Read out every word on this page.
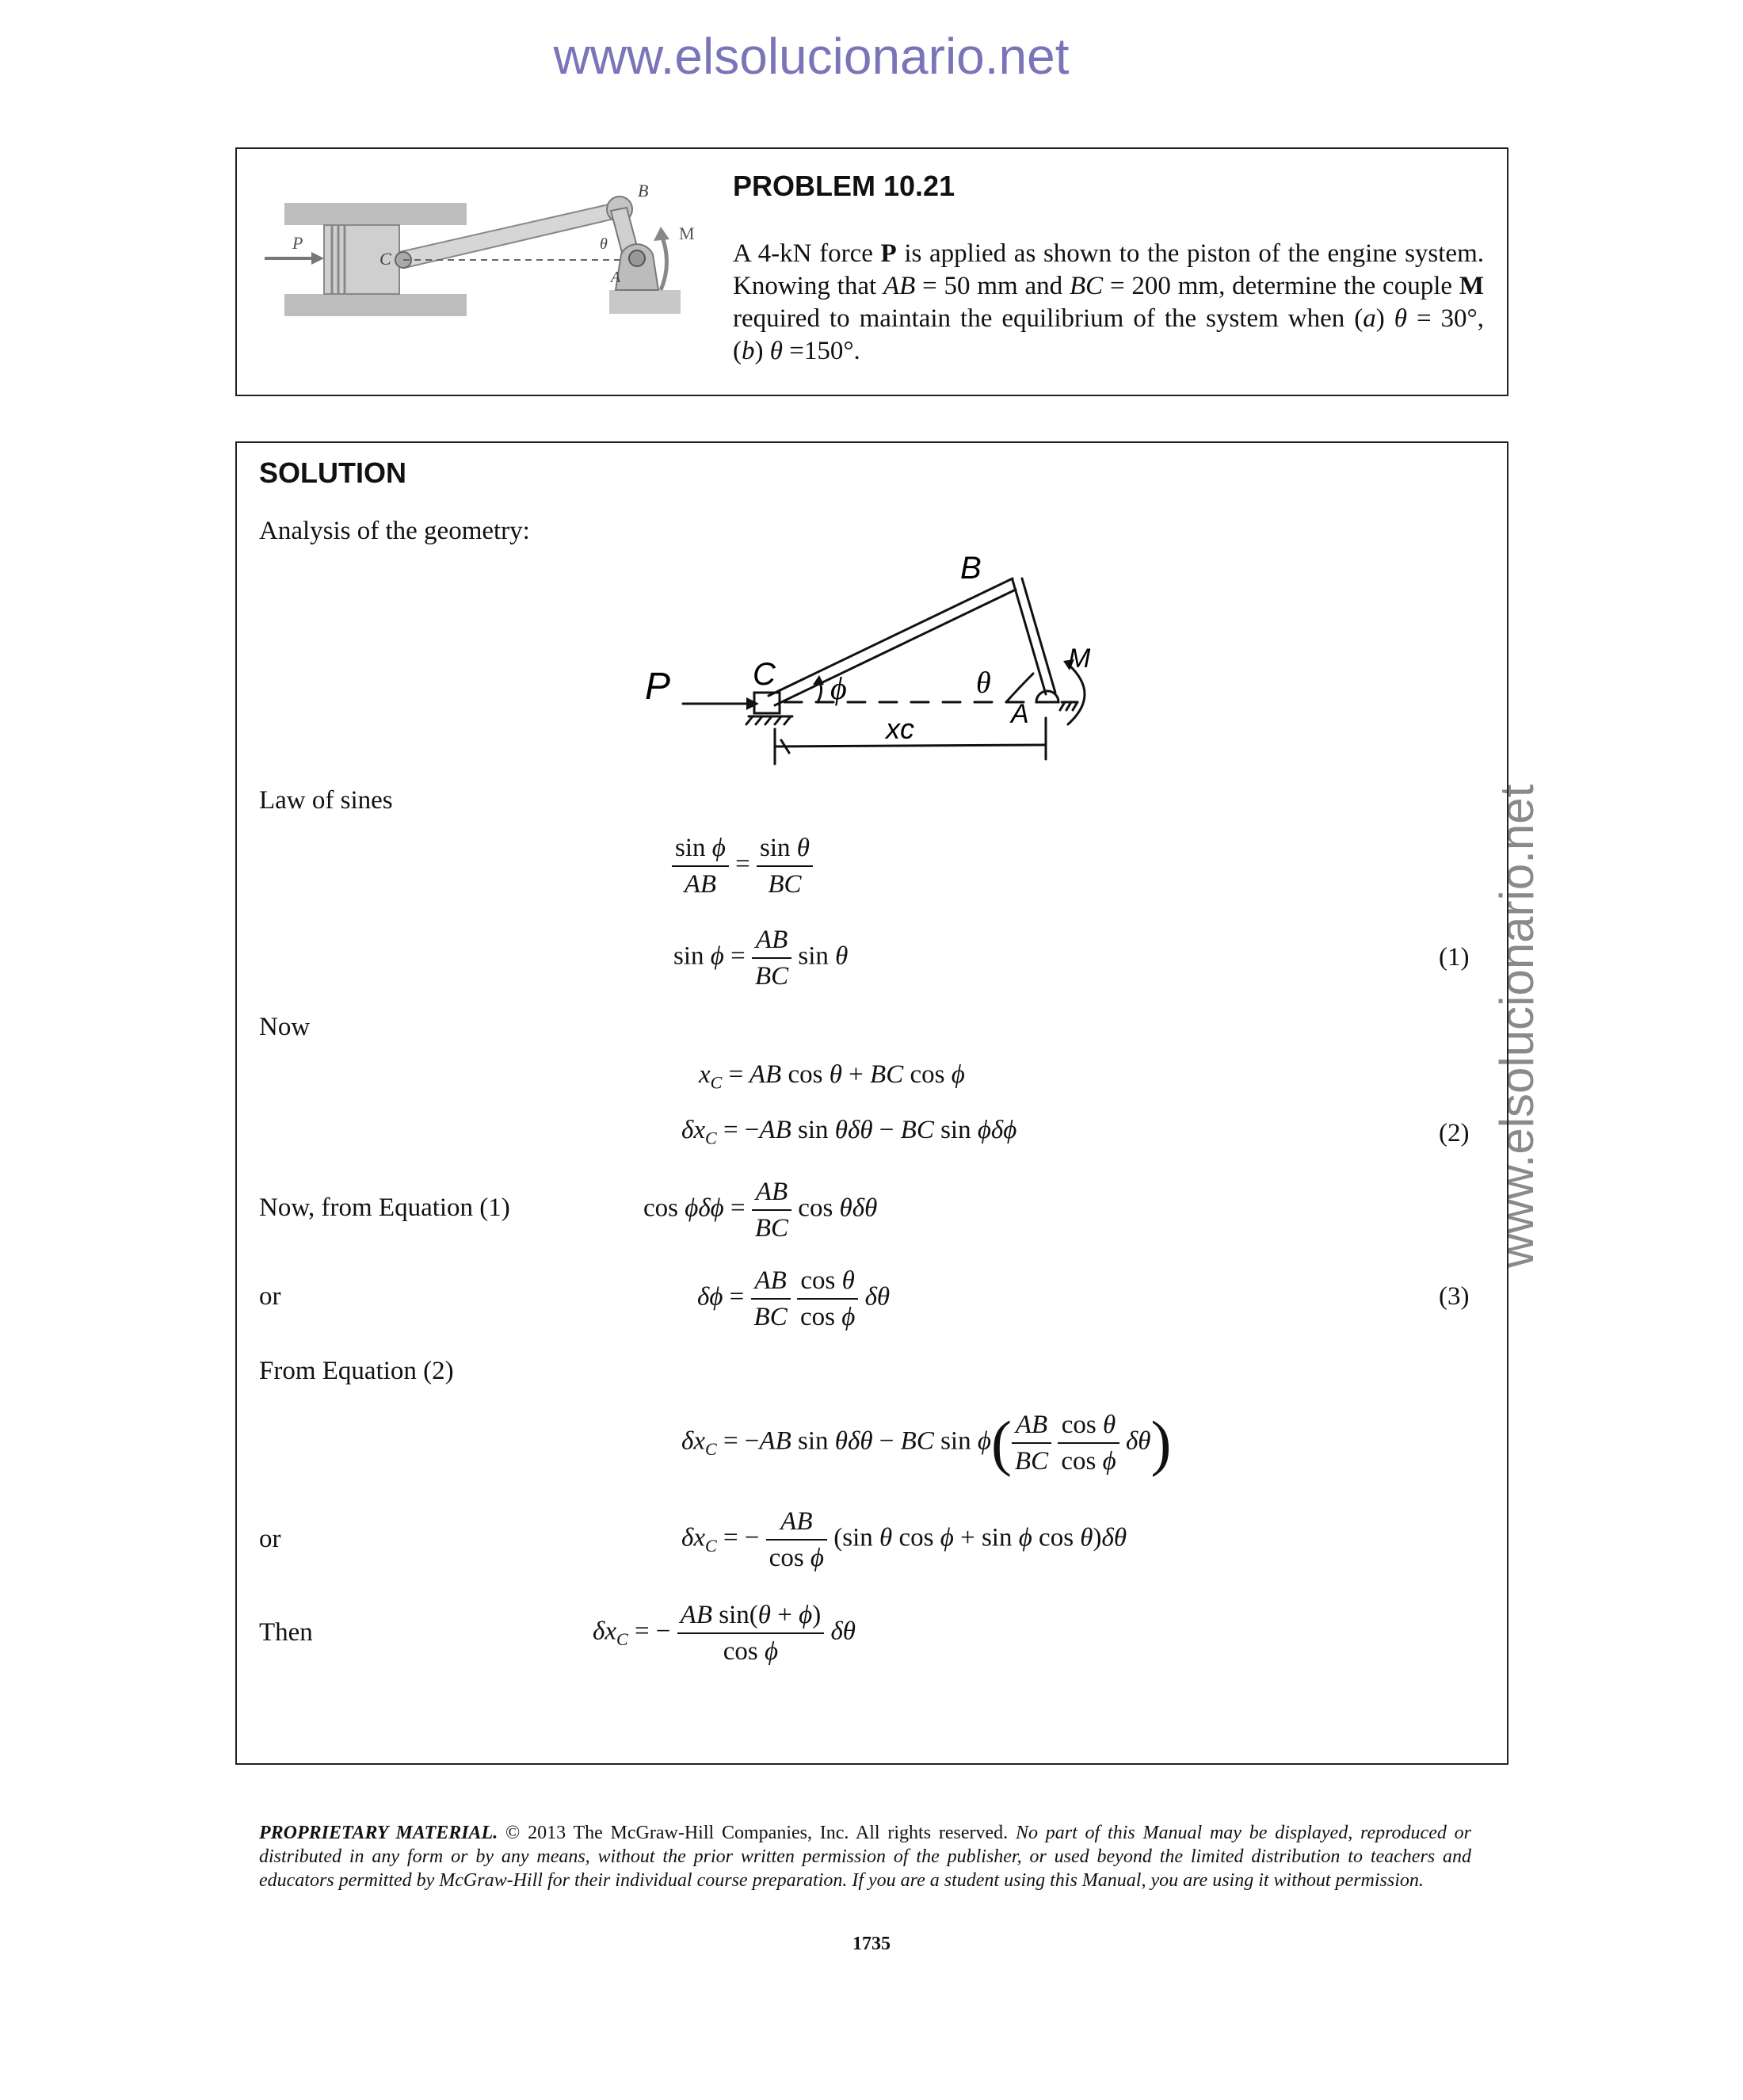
www.elsolucionario.net
www.elsolucionario.net
P
C
B
M
θ
A
PROBLEM 10.21
A 4-kN force P is applied as shown to the piston of the engine system. Knowing that AB = 50 mm and BC = 200 mm, determine the couple M required to maintain the equilibrium of the system when (a) θ = 30°, (b) θ =150°.
SOLUTION
Analysis of the geometry:
B
P	C ϕ	θ
M
A
xc
Law of sines
$\frac{\text{sin ϕ}}{AB} = \frac{\text{sin θ}}{BC}$
$\sin \phi = \frac{AB}{BC}$ sin θ	(1)
Now
$x_C$ = AB cos θ + BC cos ϕ
$\delta x_C = -AB$ sin θδθ − BC sin ϕδϕ	(2)
Now, from Equation (1)	$\cos \phi\delta\phi = \frac{AB}{BC}$ cos θδθ
or	$\delta\phi = \frac{AB}{BC}$
$\frac{\text{cos θ}}{\text{cos ϕ}}$ δθ	(3)
From Equation (2)
$\delta x_C = -AB$ sin θδθ − BC $\sin \phi( \frac{AB}{BC}$
$\frac{\text{cos θ}}{\text{cos ϕ}} \delta\theta$)
or	$\delta x_C$ = − $\frac{AB}{\text{cos ϕ}} (\sin$ θ cos ϕ + sin ϕ cos θ)δθ
Then	$\delta x_C$ = − $\frac{\text{AB sin(θ + ϕ)}}{\text{cos ϕ}}$ δθ
PROPRIETARY MATERIAL. © 2013 The McGraw-Hill Companies, Inc. All rights reserved. No part of this Manual may be displayed, reproduced or distributed in any form or by any means, without the prior written permission of the publisher, or used beyond the limited distribution to teachers and educators permitted by McGraw-Hill for their individual course preparation. If you are a student using this Manual, you are using it without permission.
1735
